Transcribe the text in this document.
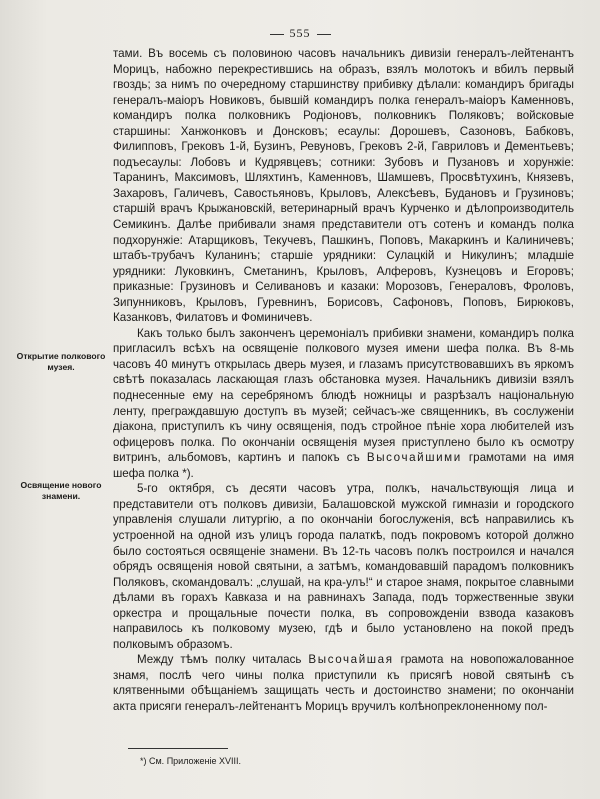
555
Открытие полкового музея.
Освящение нового знамени.

тами. Въ восемь съ половиною часовъ начальникъ дивизіи генералъ-лейтенантъ Морицъ, набожно перекрестившись на образъ, взялъ молотокъ и вбилъ первый гвоздь; за нимъ по очередному старшинству прибивку дѣлали: командиръ бригады генералъ-маіоръ Новиковъ, бывшій командиръ полка генералъ-маіоръ Каменновъ, командиръ полка полковникъ Родіоновъ, полковникъ Поляковъ; войсковые старшины: Ханжонковъ и Донсковъ; есаулы: Дорошевъ, Сазоновъ, Бабковъ, Филипповъ, Грековъ 1-й, Бузинъ, Ревуновъ, Грековъ 2-й, Гавриловъ и Дементьевъ; подъесаулы: Лобовъ и Кудрявцевъ; сотники: Зубовъ и Пузановъ и хорунжіе: Таранинъ, Максимовъ, Шляхтинъ, Каменновъ, Шамшевъ, Просвѣтухинъ, Князевъ, Захаровъ, Галичевъ, Савостьяновъ, Крыловъ, Алексѣевъ, Будановъ и Грузиновъ; старшій врачъ Крыжановскій, ветеринарный врачъ Курченко и дѣлопроизводитель Семикинъ. Далѣе прибивали знамя представители отъ сотенъ и командъ полка подхорунжіе: Атарщиковъ, Текучевъ, Пашкинъ, Поповъ, Макаркинъ и Калиничевъ; штабъ-трубачъ Куланинъ; старшіе урядники: Сулацкій и Никулинъ; младшіе урядники: Луковкинъ, Сметанинъ, Крыловъ, Алферовъ, Кузнецовъ и Егоровъ; приказные: Грузиновъ и Селивановъ и казаки: Морозовъ, Генераловъ, Фроловъ, Зипунниковъ, Крыловъ, Гуревнинъ, Борисовъ, Сафоновъ, Поповъ, Бирюковъ, Казанковъ, Филатовъ и Фоминичевъ.

Какъ только былъ законченъ церемоніалъ прибивки знамени, командиръ полка пригласилъ всѣхъ на освященіе полкового музея имени шефа полка. Въ 8-мь часовъ 40 минутъ открылась дверь музея, и глазамъ присутствовавшихъ въ яркомъ свѣтѣ показалась ласкающая глазъ обстановка музея. Начальникъ дивизіи взялъ поднесенные ему на серебряномъ блюдѣ ножницы и разрѣзалъ національную ленту, преграждавшую доступъ въ музей; сейчасъ-же священникъ, въ сослуженіи діакона, приступилъ къ чину освященія, подъ стройное пѣніе хора любителей изъ офицеровъ полка. По окончаніи освященія музея приступлено было къ осмотру витринъ, альбомовъ, картинъ и папокъ съ Высочайшими грамотами на имя шефа полка *).

5-го октября, съ десяти часовъ утра, полкъ, начальствующія лица и представители отъ полковъ дивизіи, Балашовской мужской гимназіи и городского управленія слушали литургію, а по окончаніи богослуженія, всѣ направились къ устроенной на одной изъ улицъ города палаткѣ, подъ покровомъ которой должно было состояться освященіе знамени. Въ 12-ть часовъ полкъ построился и начался обрядъ освященія новой святыни, а затѣмъ, командовавшій парадомъ полковникъ Поляковъ, скомандовалъ: „слушай, на кра-улъ!“ и старое знамя, покрытое славными дѣлами въ горахъ Кавказа и на равнинахъ Запада, подъ торжественные звуки оркестра и прощальные почести полка, въ сопровожденіи взвода казаковъ направилось къ полковому музею, гдѣ и было установлено на покой предъ полковымъ образомъ.

Между тѣмъ полку читалась Высочайшая грамота на новопожалованное знамя, послѣ чего чины полка приступили къ присягѣ новой святынѣ съ клятвенными обѣщаніемъ защищать честь и достоинство знамени; по окончаніи акта присяги генералъ-лейтенантъ Морицъ вручилъ колѣнопреклоненному пол-

*) См. Приложеніе XVIII.
